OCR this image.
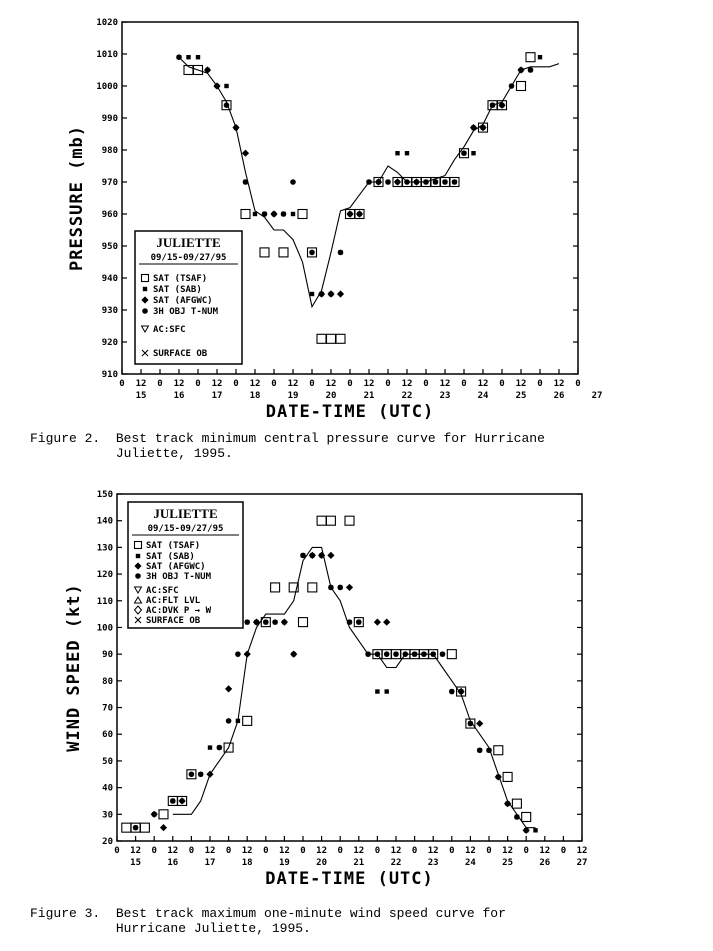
910
920
930
940
950
960
970
980
990
1000
1010
1020
0 12 0 12 0 12 0 12 0 12 0 12 0 12 0 12 0 12 0 12 0 12 0 12 0
15	16	17	18	19	20	21	22	23	24	25	26	27
DATE-TIME (UTC)
PRESSURE (mb)	JULIETTE
09/15-09/27/95
SAT (TSAF)
SAT (SAB)
SAT (AFGWC)
3H OBJ T-NUM
AC:SFC
SURFACE OB

Figure 2.  Best track minimum central pressure curve for Hurricane
Juliette, 1995.

20
30
40
50
60
70
80
90
100
110
120
130
140
150
0 12 0 12 0 12 0 12 0 12 0 12 0 12 0 12 0 12 0 12 0 12 0 12 0 12
15	16	17	18	19	20	21	22	23	24	25	26	27
DATE-TIME (UTC)
WIND SPEED (kt)
JULIETTE
09/15-09/27/95
SAT (TSAF)
SAT (SAB)
SAT (AFGWC)
3H OBJ T-NUM
AC:SFC
AC:FLT LVL
AC:DVK P → W
SURFACE OB

Figure 3.  Best track maximum one-minute wind speed curve for
Hurricane Juliette, 1995.
